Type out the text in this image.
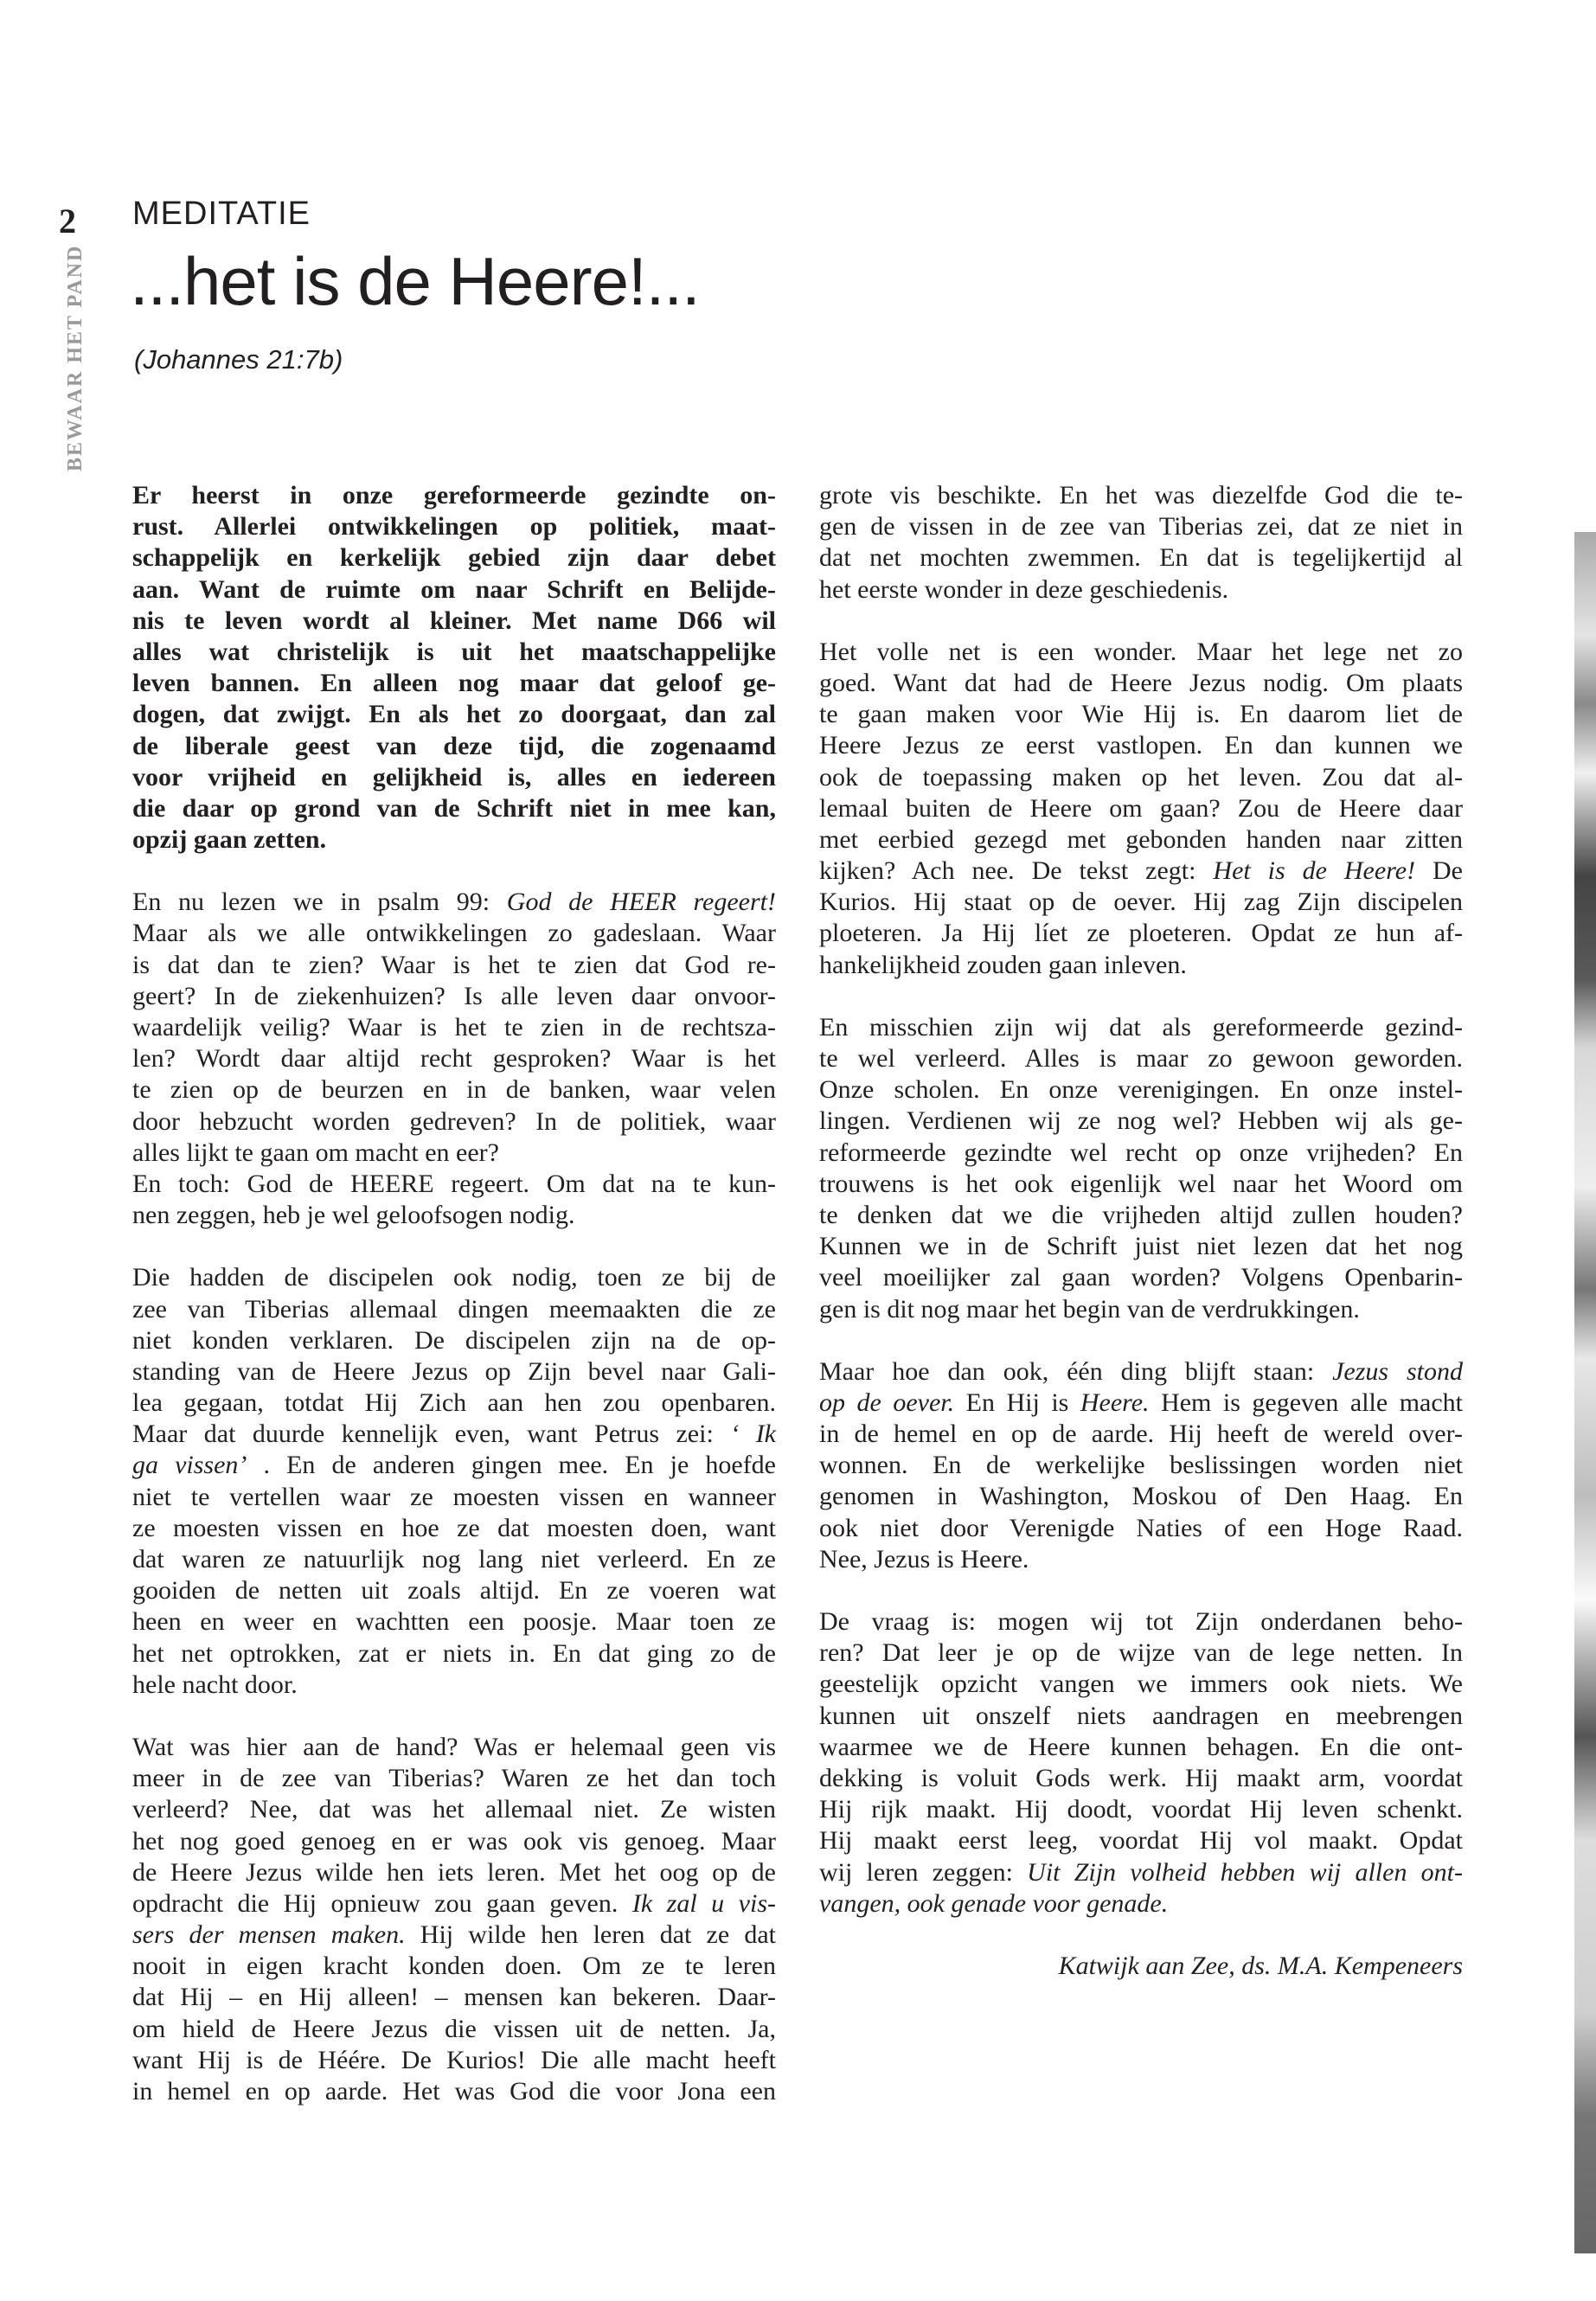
2
BEWAAR HET PAND
MEDITATIE
...het is de Heere!...
(Johannes 21:7b)
Er heerst in onze gereformeerde gezindte on-
rust. Allerlei ontwikkelingen op politiek, maat-
schappelijk en kerkelijk gebied zijn daar debet
aan. Want de ruimte om naar Schrift en Belijde-
nis te leven wordt al kleiner. Met name D66 wil
alles wat christelijk is uit het maatschappelijke
leven bannen. En alleen nog maar dat geloof ge-
dogen, dat zwijgt. En als het zo doorgaat, dan zal
de liberale geest van deze tijd, die zogenaamd
voor vrijheid en gelijkheid is, alles en iedereen
die daar op grond van de Schrift niet in mee kan,
opzij gaan zetten.
En nu lezen we in psalm 99: God de HEER regeert!
Maar als we alle ontwikkelingen zo gadeslaan. Waar
is dat dan te zien? Waar is het te zien dat God re-
geert? In de ziekenhuizen? Is alle leven daar onvoor-
waardelijk veilig? Waar is het te zien in de rechtsza-
len? Wordt daar altijd recht gesproken? Waar is het
te zien op de beurzen en in de banken, waar velen
door hebzucht worden gedreven? In de politiek, waar
alles lijkt te gaan om macht en eer?
En toch: God de HEERE regeert. Om dat na te kun-
nen zeggen, heb je wel geloofsogen nodig.
Die hadden de discipelen ook nodig, toen ze bij de
zee van Tiberias allemaal dingen meemaakten die ze
niet konden verklaren. De discipelen zijn na de op-
standing van de Heere Jezus op Zijn bevel naar Gali-
lea gegaan, totdat Hij Zich aan hen zou openbaren.
Maar dat duurde kennelijk even, want Petrus zei: ‘ Ik
ga vissen’ . En de anderen gingen mee. En je hoefde
niet te vertellen waar ze moesten vissen en wanneer
ze moesten vissen en hoe ze dat moesten doen, want
dat waren ze natuurlijk nog lang niet verleerd. En ze
gooiden de netten uit zoals altijd. En ze voeren wat
heen en weer en wachtten een poosje. Maar toen ze
het net optrokken, zat er niets in. En dat ging zo de
hele nacht door.
Wat was hier aan de hand? Was er helemaal geen vis
meer in de zee van Tiberias? Waren ze het dan toch
verleerd? Nee, dat was het allemaal niet. Ze wisten
het nog goed genoeg en er was ook vis genoeg. Maar
de Heere Jezus wilde hen iets leren. Met het oog op de
opdracht die Hij opnieuw zou gaan geven. Ik zal u vis-
sers der mensen maken. Hij wilde hen leren dat ze dat
nooit in eigen kracht konden doen. Om ze te leren
dat Hij – en Hij alleen! – mensen kan bekeren. Daar-
om hield de Heere Jezus die vissen uit de netten. Ja,
want Hij is de Héére. De Kurios! Die alle macht heeft
in hemel en op aarde. Het was God die voor Jona een
grote vis beschikte. En het was diezelfde God die te-
gen de vissen in de zee van Tiberias zei, dat ze niet in
dat net mochten zwemmen. En dat is tegelijkertijd al
het eerste wonder in deze geschiedenis.
Het volle net is een wonder. Maar het lege net zo
goed. Want dat had de Heere Jezus nodig. Om plaats
te gaan maken voor Wie Hij is. En daarom liet de
Heere Jezus ze eerst vastlopen. En dan kunnen we
ook de toepassing maken op het leven. Zou dat al-
lemaal buiten de Heere om gaan? Zou de Heere daar
met eerbied gezegd met gebonden handen naar zitten
kijken? Ach nee. De tekst zegt: Het is de Heere! De
Kurios. Hij staat op de oever. Hij zag Zijn discipelen
ploeteren. Ja Hij líet ze ploeteren. Opdat ze hun af-
hankelijkheid zouden gaan inleven.
En misschien zijn wij dat als gereformeerde gezind-
te wel verleerd. Alles is maar zo gewoon geworden.
Onze scholen. En onze verenigingen. En onze instel-
lingen. Verdienen wij ze nog wel? Hebben wij als ge-
reformeerde gezindte wel recht op onze vrijheden? En
trouwens is het ook eigenlijk wel naar het Woord om
te denken dat we die vrijheden altijd zullen houden?
Kunnen we in de Schrift juist niet lezen dat het nog
veel moeilijker zal gaan worden? Volgens Openbarin-
gen is dit nog maar het begin van de verdrukkingen.
Maar hoe dan ook, één ding blijft staan: Jezus stond
op de oever. En Hij is Heere. Hem is gegeven alle macht
in de hemel en op de aarde. Hij heeft de wereld over-
wonnen. En de werkelijke beslissingen worden niet
genomen in Washington, Moskou of Den Haag. En
ook niet door Verenigde Naties of een Hoge Raad.
Nee, Jezus is Heere.
De vraag is: mogen wij tot Zijn onderdanen beho-
ren? Dat leer je op de wijze van de lege netten. In
geestelijk opzicht vangen we immers ook niets. We
kunnen uit onszelf niets aandragen en meebrengen
waarmee we de Heere kunnen behagen. En die ont-
dekking is voluit Gods werk. Hij maakt arm, voordat
Hij rijk maakt. Hij doodt, voordat Hij leven schenkt.
Hij maakt eerst leeg, voordat Hij vol maakt. Opdat
wij leren zeggen: Uit Zijn volheid hebben wij allen ont-
vangen, ook genade voor genade.
Katwijk aan Zee, ds. M.A. Kempeneers
